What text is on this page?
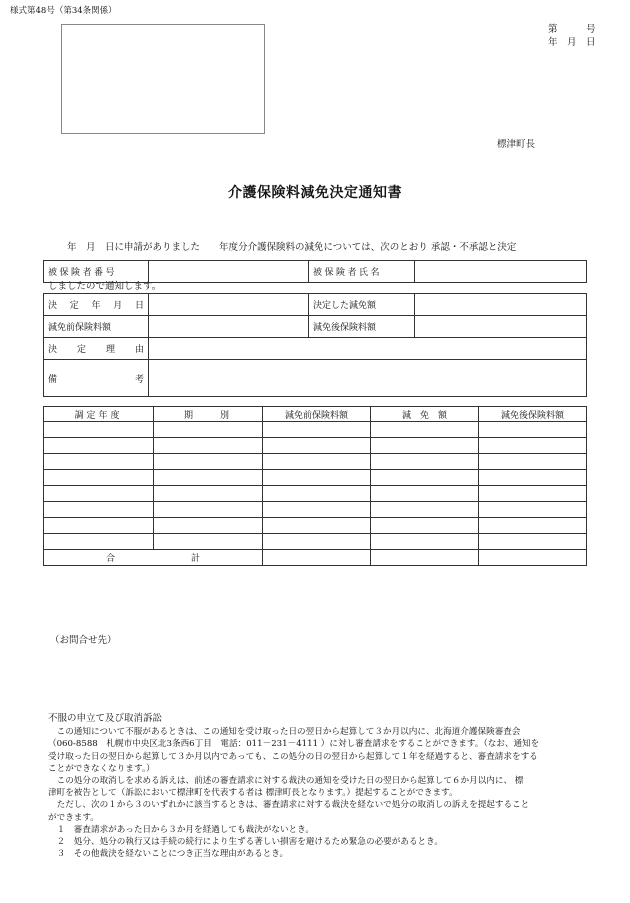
様式第48号（第34条関係）
第　　　号
年　月　日
標津町長
介護保険料減免決定通知書

　　年　月　日に申請がありました　　年度分介護保険料の減免については、次のとおり 承認・不承認と決定

しましたので通知します。

被保険者番号		被保険者氏名	
決 定 年 月 日		決定した減免額	
減免前保険料額		減免後保険料額	

決 定 理 由			

備 考			

調定年度	期　　別	減免前保険料額	減　免　額	減免後保険料額

合 計				

（お問合せ先）
不服の申立て及び取消訴訟

　この通知について不服があるときは、この通知を受け取った日の翌日から起算して３か月以内に、北海道介護保険審査会

（060-8588　札幌市中央区北3条西6丁目　電話：011－231－4111 ）に対し審査請求をすることができます。（なお、通知を

受け取った日の翌日から起算して３か月以内であっても、この処分の日の翌日から起算して１年を経過すると、審査請求をする

ことができなくなります。）

　この処分の取消しを求める訴えは、前述の審査請求に対する裁決の通知を受けた日の翌日から起算して６か月以内に、 標

津町を被告として（訴訟において標津町を代表する者は 標津町長となります。）提起することができます。

　ただし、次の１から３のいずれかに該当するときは、審査請求に対する裁決を経ないで処分の取消しの訴えを提起すること

ができます。

　１　審査請求があった日から３か月を経過しても裁決がないとき。

　２　処分、処分の執行又は手続の続行により生ずる著しい損害を避けるため緊急の必要があるとき。

　３　その他裁決を経ないことにつき正当な理由があるとき。
